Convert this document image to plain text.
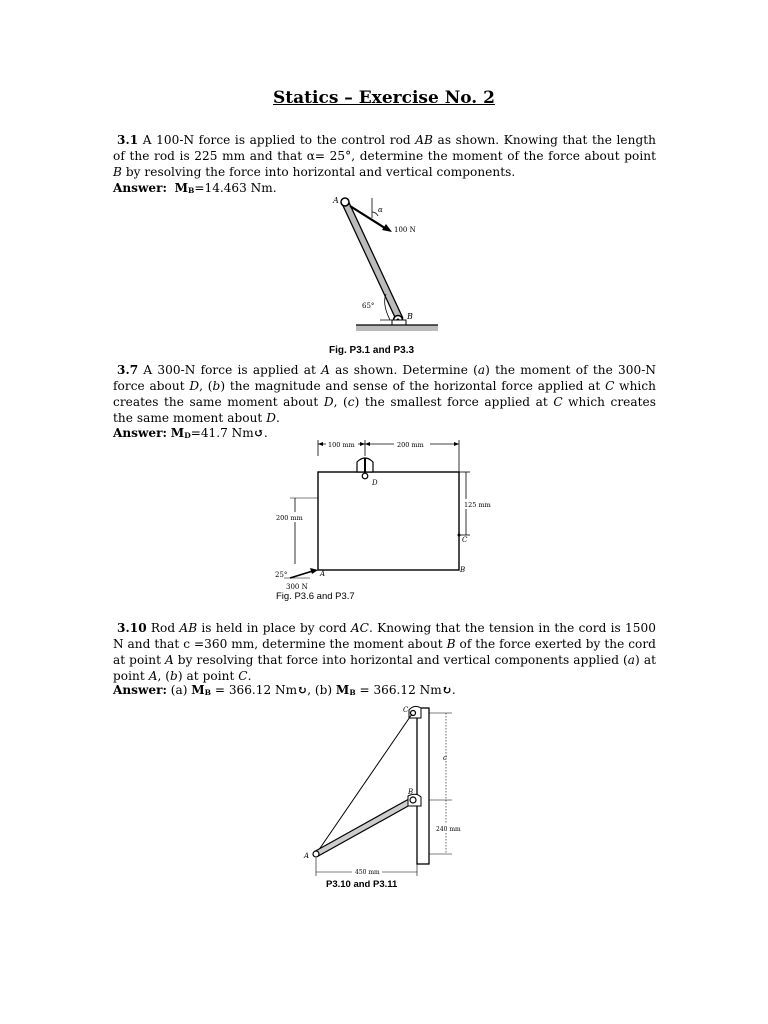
Statics – Exercise No. 2
3.1 A 100-N force is applied to the control rod AB as shown. Knowing that the length of the rod is 225 mm and that α= 25°, determine the moment of the force about point B by resolving the force into horizontal and vertical components.
Answer: MB=14.463 Nm.
A
α
100 N
65°
B
Fig. P3.1 and P3.3
3.7 A 300-N force is applied at A as shown. Determine (a) the moment of the 300-N force about D, (b) the magnitude and sense of the horizontal force applied at C which creates the same moment about D, (c) the smallest force applied at C which creates the same moment about D.
Answer: MD=41.7 Nm↺.
100 mm	200 mm
D
125 mm
C
B
200 mm
25°	A
300 N
Fig. P3.6 and P3.7
3.10 Rod AB is held in place by cord AC. Knowing that the tension in the cord is 1500 N and that c =360 mm, determine the moment about B of the force exerted by the cord at point A by resolving that force into horizontal and vertical components applied (a) at point A, (b) at point C.
Answer: (a) MB = 366.12 Nm↻, (b) MB = 366.12 Nm↻.
C
B
A
c
240 mm
450 mm
P3.10 and P3.11
